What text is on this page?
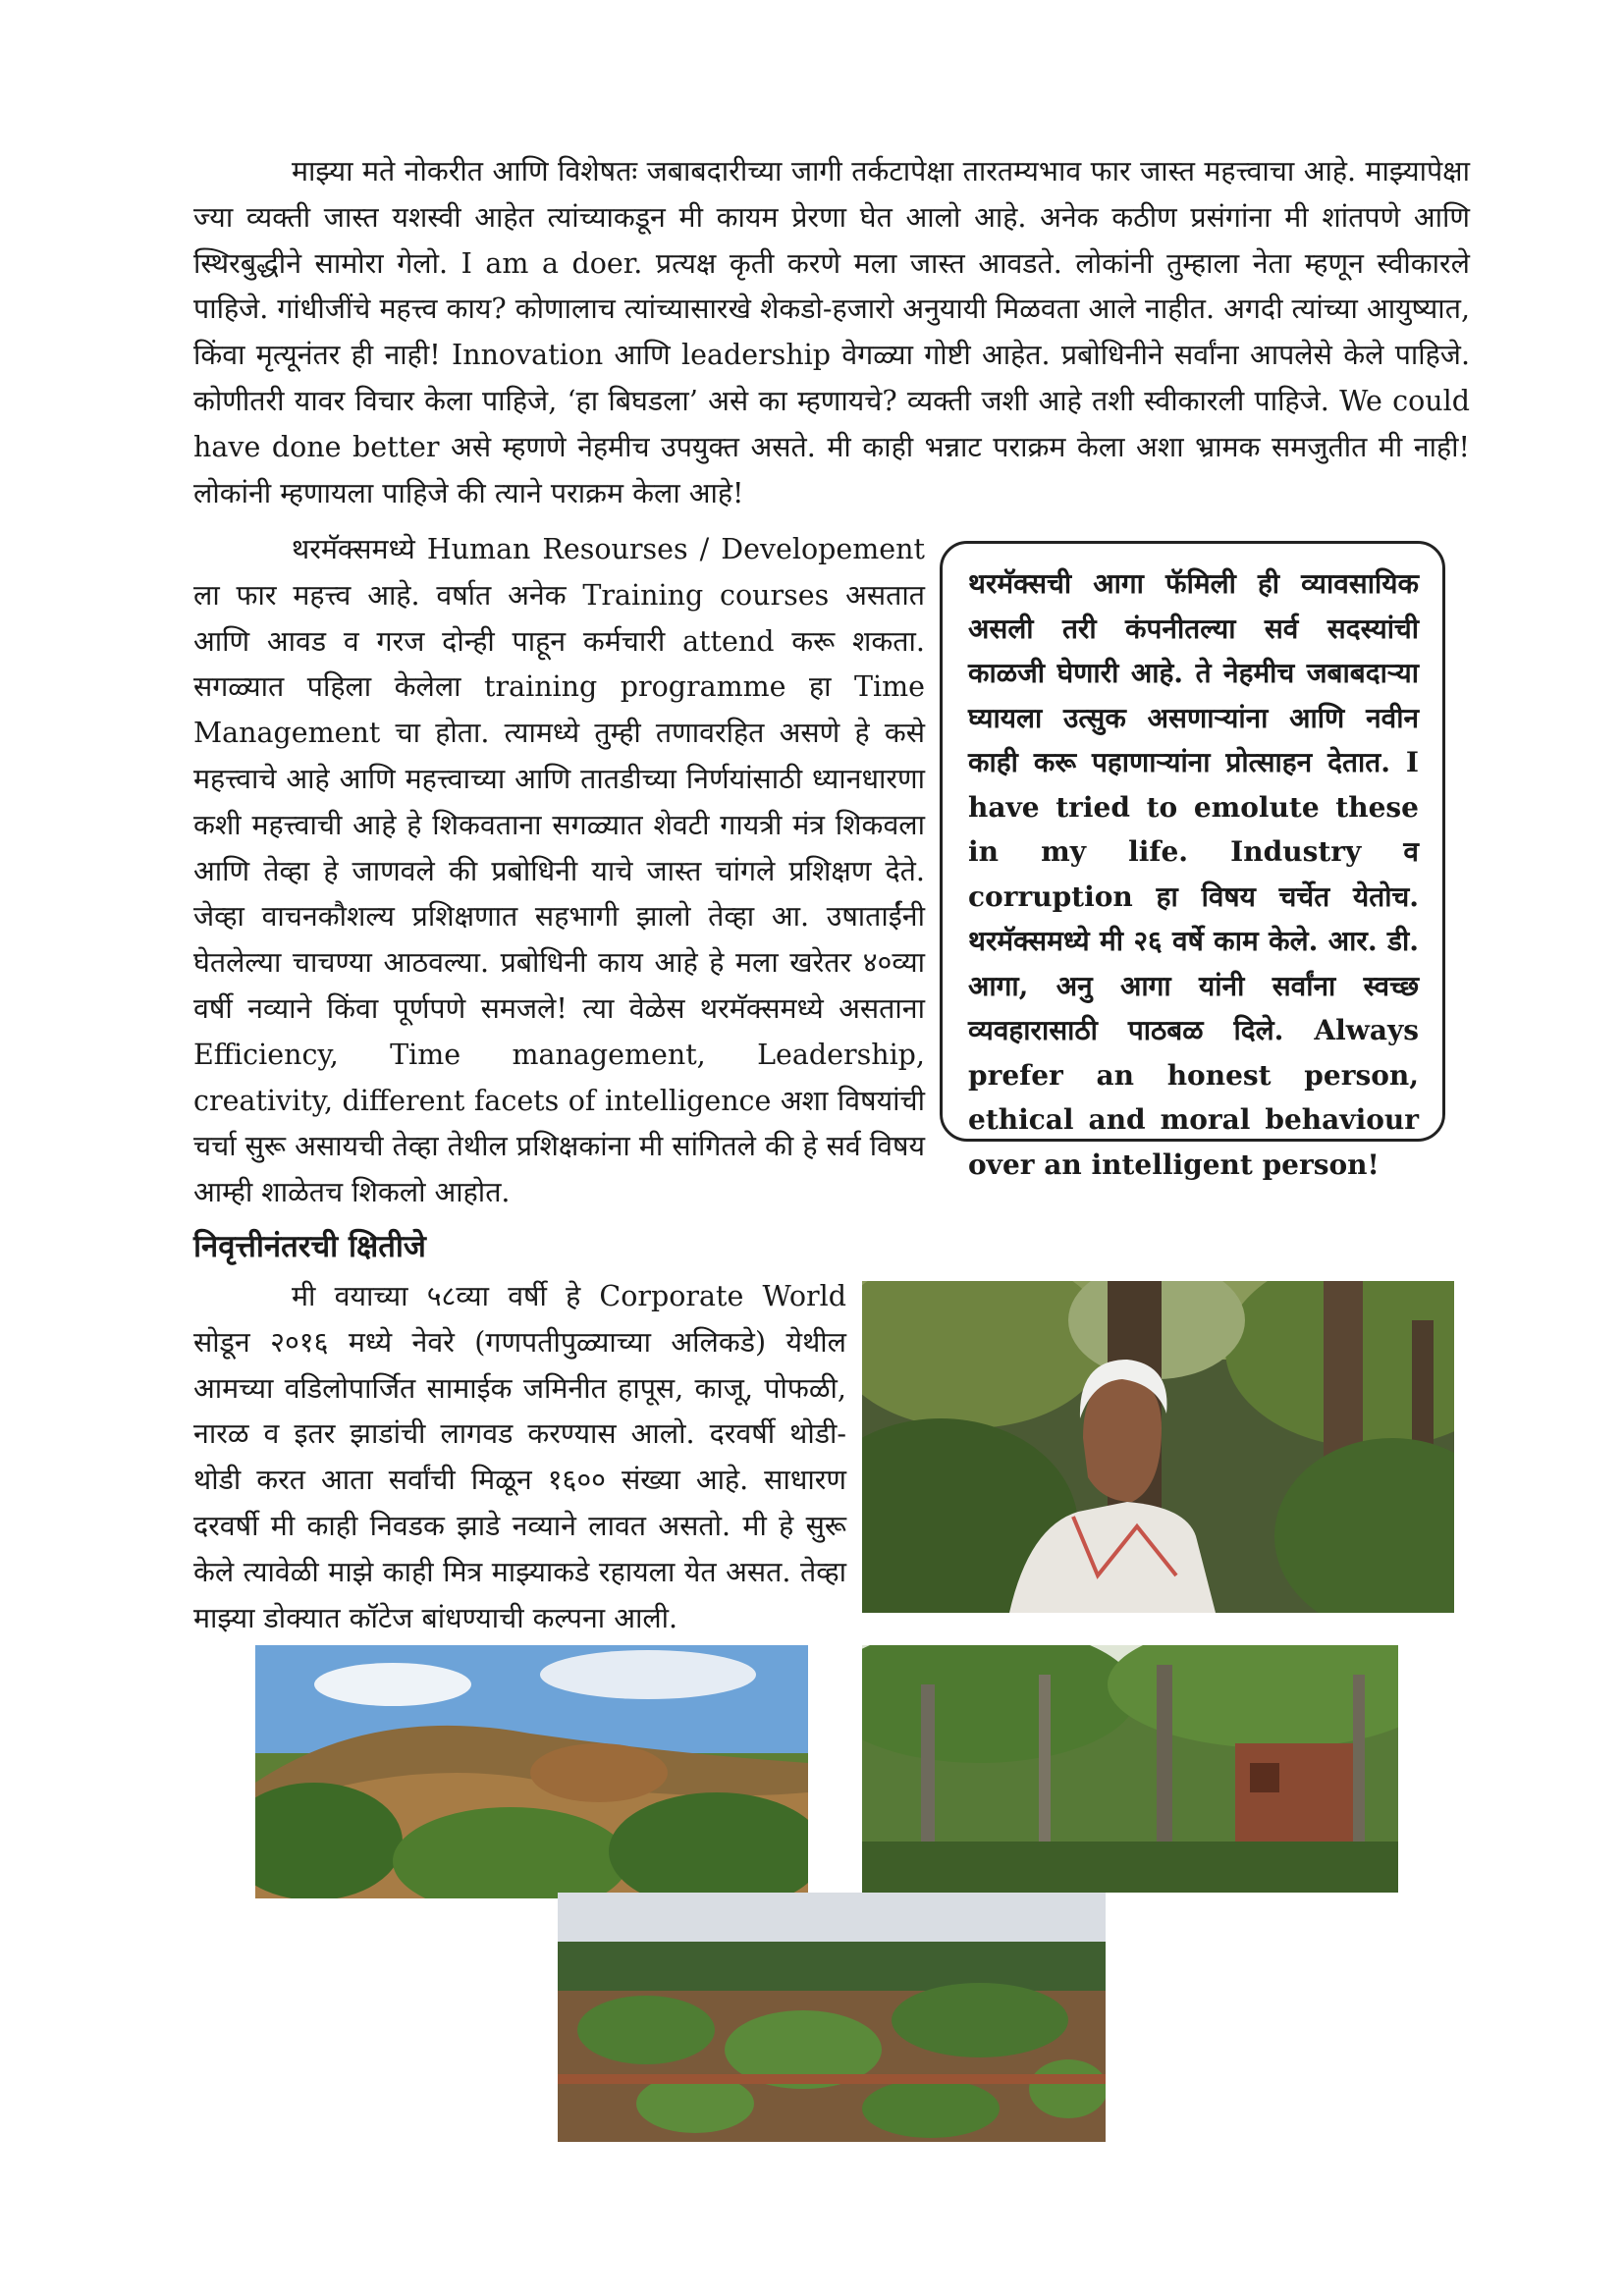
माझ्या मते नोकरीत आणि विशेषतः जबाबदारीच्या जागी तर्कटापेक्षा तारतम्यभाव फार जास्त महत्त्वाचा आहे. माझ्यापेक्षा ज्या व्यक्ती जास्त यशस्वी आहेत त्यांच्याकडून मी कायम प्रेरणा घेत आलो आहे. अनेक कठीण प्रसंगांना मी शांतपणे आणि स्थिरबुद्धीने सामोरा गेलो. I am a doer. प्रत्यक्ष कृती करणे मला जास्त आवडते. लोकांनी तुम्हाला नेता म्हणून स्वीकारले पाहिजे. गांधीजींचे महत्त्व काय? कोणालाच त्यांच्यासारखे शेकडो-हजारो अनुयायी मिळवता आले नाहीत. अगदी त्यांच्या आयुष्यात, किंवा मृत्यूनंतर ही नाही! Innovation आणि leadership वेगळ्या गोष्टी आहेत. प्रबोधिनीने सर्वांना आपलेसे केले पाहिजे. कोणीतरी यावर विचार केला पाहिजे, ‘हा बिघडला’ असे का म्हणायचे? व्यक्ती जशी आहे तशी स्वीकारली पाहिजे. We could have done better असे म्हणणे नेहमीच उपयुक्त असते. मी काही भन्नाट पराक्रम केला अशा भ्रामक समजुतीत मी नाही! लोकांनी म्हणायला पाहिजे की त्याने पराक्रम केला आहे!

थरमॅक्समध्ये Human Resourses / Developement ला फार महत्त्व आहे. वर्षात अनेक Training courses असतात आणि आवड व गरज दोन्ही पाहून कर्मचारी attend करू शकता. सगळ्यात पहिला केलेला training programme हा Time Management चा होता. त्यामध्ये तुम्ही तणावरहित असणे हे कसे महत्त्वाचे आहे आणि महत्त्वाच्या आणि तातडीच्या निर्णयांसाठी ध्यानधारणा कशी महत्त्वाची आहे हे शिकवताना सगळ्यात शेवटी गायत्री मंत्र शिकवला आणि तेव्हा हे जाणवले की प्रबोधिनी याचे जास्त चांगले प्रशिक्षण देते. जेव्हा वाचनकौशल्य प्रशिक्षणात सहभागी झालो तेव्हा आ. उषाताईंनी घेतलेल्या चाचण्या आठवल्या. प्रबोधिनी काय आहे हे मला खरेतर ४०व्या वर्षी नव्याने किंवा पूर्णपणे समजले! त्या वेळेस थरमॅक्समध्ये असताना Efficiency, Time management, Leadership, creativity, different facets of intelligence अशा विषयांची चर्चा सुरू असायची तेव्हा तेथील प्रशिक्षकांना मी सांगितले की हे सर्व विषय आम्ही शाळेतच शिकलो आहोत.

थरमॅक्सची आगा फॅमिली ही व्यावसायिक असली तरी कंपनीतल्या सर्व सदस्यांची काळजी घेणारी आहे. ते नेहमीच जबाबदाऱ्या घ्यायला उत्सुक असणाऱ्यांना आणि नवीन काही करू पहाणाऱ्यांना प्रोत्साहन देतात. I have tried to emolute these in my life. Industry व corruption हा विषय चर्चेत येतोच. थरमॅक्समध्ये मी २६ वर्षे काम केले. आर. डी. आगा, अनु आगा यांनी सर्वांना स्वच्छ व्यवहारासाठी पाठबळ दिले. Always prefer an honest person, ethical and moral behaviour over an intelligent person!

निवृत्तीनंतरची क्षितीजे

मी वयाच्या ५८व्या वर्षी हे Corporate World सोडून २०१६ मध्ये नेवरे (गणपतीपुळ्याच्या अलिकडे) येथील आमच्या वडिलोपार्जित सामाईक जमिनीत हापूस, काजू, पोफळी, नारळ व इतर झाडांची लागवड करण्यास आलो. दरवर्षी थोडी-थोडी करत आता सर्वांची मिळून १६०० संख्या आहे. साधारण दरवर्षी मी काही निवडक झाडे नव्याने लावत असतो. मी हे सुरू केले त्यावेळी माझे काही मित्र माझ्याकडे रहायला येत असत. तेव्हा माझ्या डोक्यात कॉटेज बांधण्याची कल्पना आली.
